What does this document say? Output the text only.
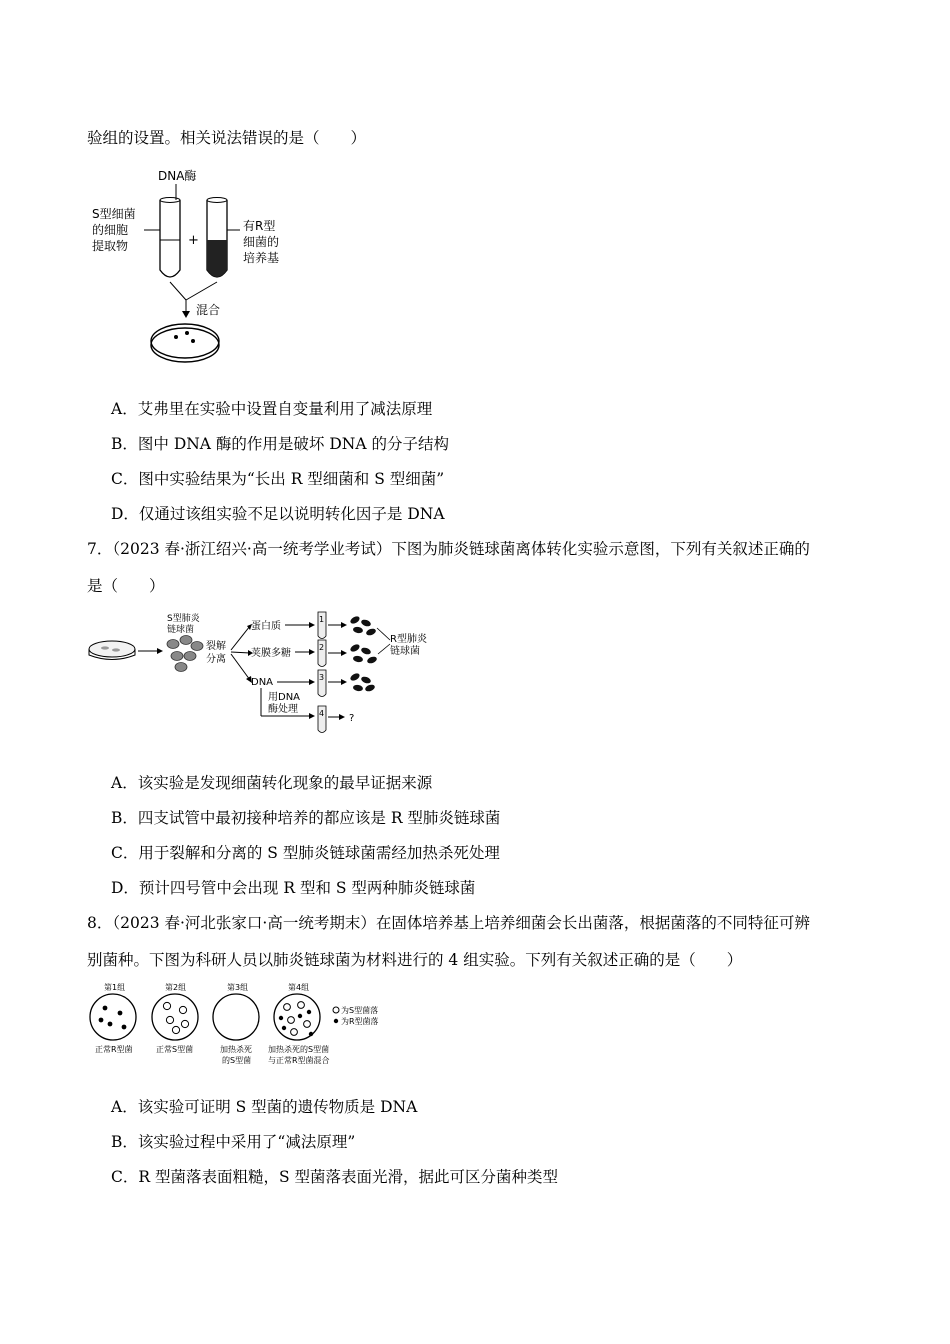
验组的设置。相关说法错误的是（　　）
DNA酶
S型细菌
的细胞
提取物	+
有R型
细菌的
培养基
混合
A．艾弗里在实验中设置自变量利用了减法原理
B．图中 DNA 酶的作用是破坏 DNA 的分子结构
C．图中实验结果为“长出 R 型细菌和 S 型细菌”
D．仅通过该组实验不足以说明转化因子是 DNA
7．（2023 春·浙江绍兴·高一统考学业考试）下图为肺炎链球菌离体转化实验示意图，下列有关叙述正确的
是（　　）
S型肺炎
链球菌
裂解
分离
蛋白质
荚膜多糖
DNA
用DNA
酶处理
1
2
3
4 ?
R型肺炎
链球菌
A．该实验是发现细菌转化现象的最早证据来源
B．四支试管中最初接种培养的都应该是 R 型肺炎链球菌
C．用于裂解和分离的 S 型肺炎链球菌需经加热杀死处理
D．预计四号管中会出现 R 型和 S 型两种肺炎链球菌
8．（2023 春·河北张家口·高一统考期末）在固体培养基上培养细菌会长出菌落，根据菌落的不同特征可辨
别菌种。下图为科研人员以肺炎链球菌为材料进行的 4 组实验。下列有关叙述正确的是（　　）
第1组	第2组	第3组	第4组
为S型菌落
为R型菌落
正常R型菌	正常S型菌	加热杀死
的S型菌
加热杀死的S型菌
与正常R型菌混合
A．该实验可证明 S 型菌的遗传物质是 DNA
B．该实验过程中采用了“减法原理”
C．R 型菌落表面粗糙，S 型菌落表面光滑，据此可区分菌种类型
